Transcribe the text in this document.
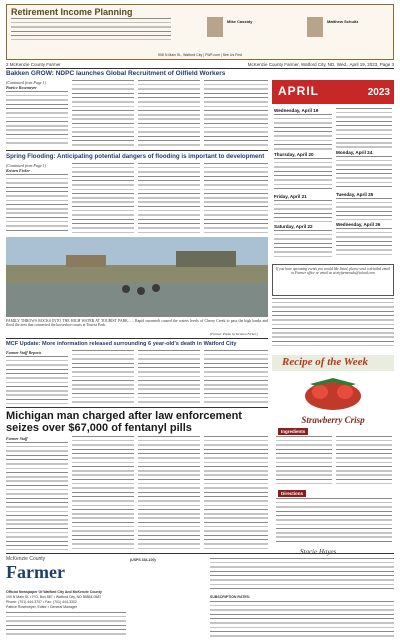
Retirement Income Planning
Mike Cassidy	Matthew Schultz
508 N Main St., Watford City | FWF.com | See Us First
2 McKenzie County Farmer	McKenzie County Farmer, Watford City, ND, Wed., April 19, 2023, Page 3
Bakken GROW: NDPC launches Global Recruitment of Oilfield Workers
(Continued from Page 1)
Patrice Rosemeyer	APRIL	2023
Wednesday, April 19
Thursday, April 20
Friday, April 21
Saturday, April 22
Monday, April 24
Tuesday, April 25
Wednesday, April 26
Spring Flooding: Anticipating potential dangers of flooding is important to development
(Continued from Page 1)
Kristen Ficker
FAMILY THROWS ROCKS INTO THE HIGH WATER AT TOURIST PARK... – Rapid snowmelt caused the waters levels of Cherry Creek to pass the high banks and flood the area that connected the horseshoe courts at Tourist Park.
(Farmer Photo by Kristen Ficker)
If you have upcoming events you would like listed, please send a detailed email to Farmer office or email us at myfarmerads@icloud.com
MCF Update: More information released surrounding 6 year-old's death in Watford City
Farmer Staff Reports
Michigan man charged after law enforcement seizes over $67,000 of fentanyl pills
Farmer Staff
Recipe of the Week
Strawberry Crisp
Ingredients
Directions
Stacie Hayes
McKenzie County
Farmer
(USPS 334-100)
Official Newspaper Of Watford City And McKenzie County
109 N Main St. • P.O. Box 587 • Watford City, ND 58854-0587
Phone: (701) 444-3707 • Fax: (701) 444-3302
Patrice Rosemeyer, Editor • General Manager
SUBSCRIPTION RATES:
